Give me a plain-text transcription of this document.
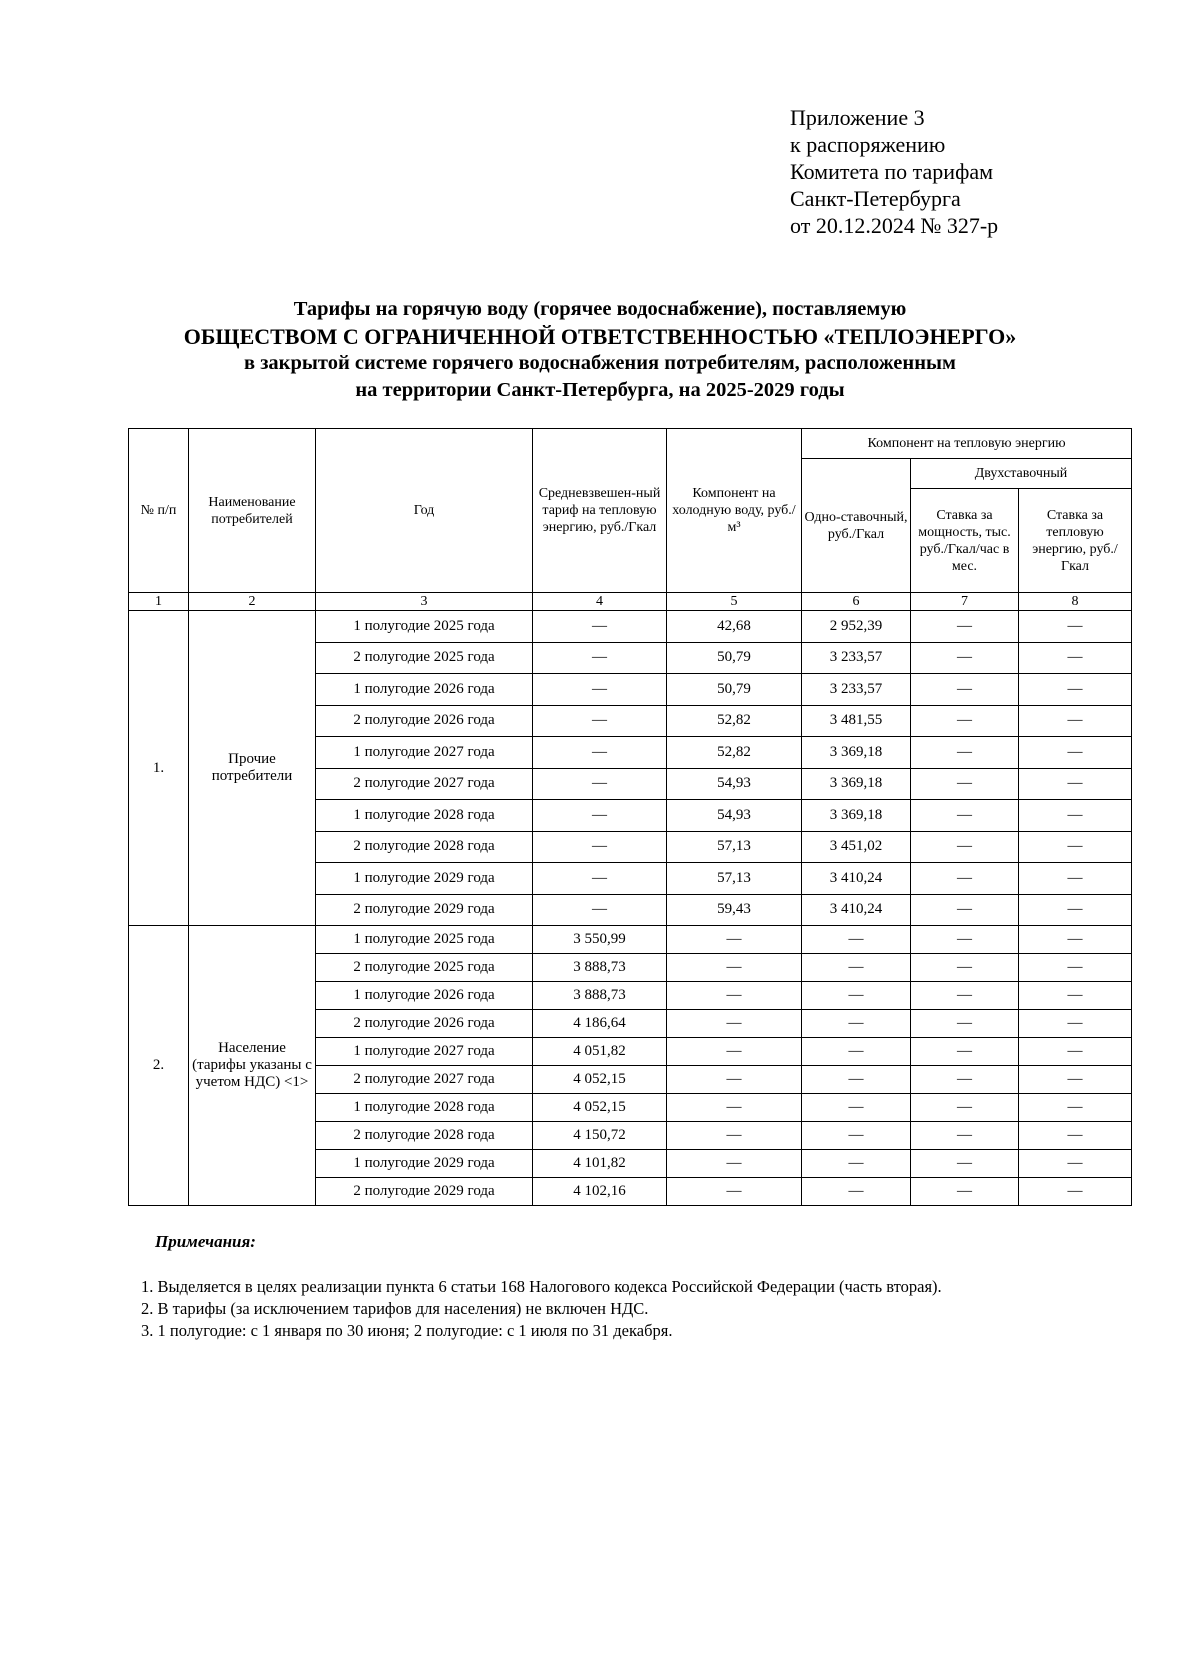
Приложение 3
к распоряжению
Комитета по тарифам
Санкт-Петербурга
от 20.12.2024 № 327-р
Тарифы на горячую воду (горячее водоснабжение), поставляемую
ОБЩЕСТВОМ С ОГРАНИЧЕННОЙ ОТВЕТСТВЕННОСТЬЮ «ТЕПЛОЭНЕРГО»
в закрытой системе горячего водоснабжения потребителям, расположенным
на территории Санкт-Петербурга, на 2025-2029 годы
№ п/п	Наименование потребителей	Год	Средневзвешен-ный тариф на тепловую энергию, руб./Гкал	Компонент на холодную воду, руб./м³	Компонент на тепловую энергию		
					Одно-ставочный, руб./Гкал	Двухставочный	
						Ставка за мощность, тыс. руб./Гкал/час в мес.	Ставка за тепловую энергию, руб./Гкал
1	2	3	4	5	6	7	8
1.	Прочие потребители	1 полугодие 2025 года	—	42,68	2 952,39	—	—
		2 полугодие 2025 года	—	50,79	3 233,57	—	—
		1 полугодие 2026 года	—	50,79	3 233,57	—	—
		2 полугодие 2026 года	—	52,82	3 481,55	—	—
		1 полугодие 2027 года	—	52,82	3 369,18	—	—
		2 полугодие 2027 года	—	54,93	3 369,18	—	—
		1 полугодие 2028 года	—	54,93	3 369,18	—	—
		2 полугодие 2028 года	—	57,13	3 451,02	—	—
		1 полугодие 2029 года	—	57,13	3 410,24	—	—
		2 полугодие 2029 года	—	59,43	3 410,24	—	—
2.	Население (тарифы указаны с учетом НДС) <1>	1 полугодие 2025 года	3 550,99	—	—	—	—
		2 полугодие 2025 года	3 888,73	—	—	—	—
		1 полугодие 2026 года	3 888,73	—	—	—	—
		2 полугодие 2026 года	4 186,64	—	—	—	—
		1 полугодие 2027 года	4 051,82	—	—	—	—
		2 полугодие 2027 года	4 052,15	—	—	—	—
		1 полугодие 2028 года	4 052,15	—	—	—	—
		2 полугодие 2028 года	4 150,72	—	—	—	—
		1 полугодие 2029 года	4 101,82	—	—	—	—
		2 полугодие 2029 года	4 102,16	—	—	—	—
Примечания:
1. Выделяется в целях реализации пункта 6 статьи 168 Налогового кодекса Российской Федерации (часть вторая).
2. В тарифы (за исключением тарифов для населения) не включен НДС.
3. 1 полугодие: с 1 января по 30 июня; 2 полугодие: с 1 июля по 31 декабря.
